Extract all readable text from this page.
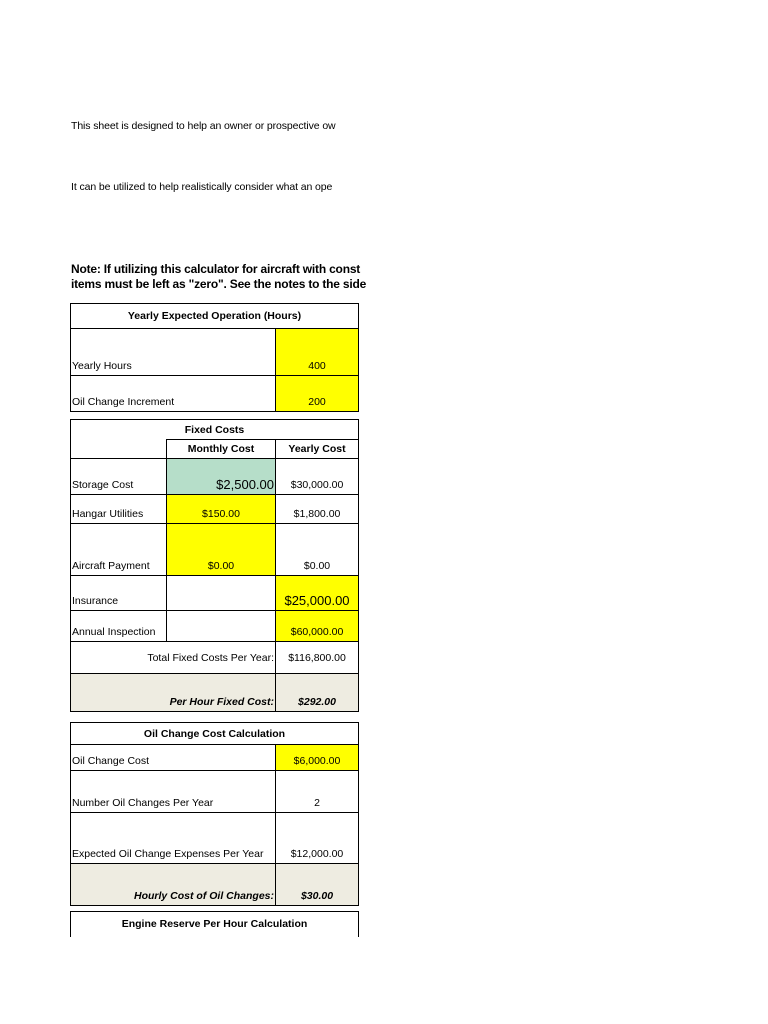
This sheet is designed to help an owner or prospective ow
It can be utilized to help realistically consider what an ope
Note: If utilizing this calculator for aircraft with const
items must be left as "zero". See the notes to the side
Yearly Expected Operation (Hours)	
Yearly Hours	400
Oil Change Increment	200
Fixed Costs		
	Monthly Cost	Yearly Cost
Storage Cost	$2,500.00	$30,000.00
Hangar Utilities	$150.00	$1,800.00
Aircraft Payment	$0.00	$0.00
Insurance		$25,000.00
Annual Inspection		$60,000.00
Total Fixed Costs Per Year:		$116,800.00
Per Hour Fixed Cost:		$292.00
Oil Change Cost Calculation	
Oil Change Cost	$6,000.00
Number Oil Changes Per Year	2
Expected Oil Change Expenses Per Year	$12,000.00
Hourly Cost of Oil Changes:	$30.00
Engine Reserve Per Hour Calculation
